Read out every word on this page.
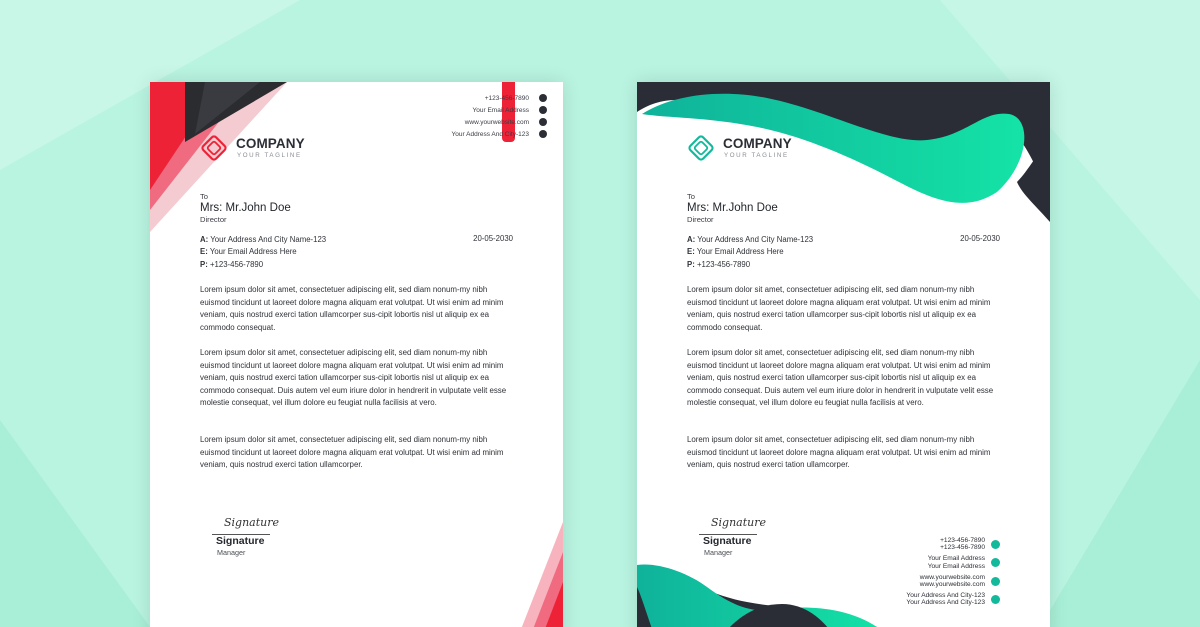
COMPANY
YOUR TAGLINE
+123-456-7890
Your Email Address
www.yourwebsite.com
Your Address And City-123
To
Mrs: Mr.John Doe
Director
A: Your Address And City Name-123
E: Your Email Address Here
P: +123-456-7890
20-05-2030
Lorem ipsum dolor sit amet, consectetuer adipiscing elit, sed diam nonum-my nibh euismod tincidunt ut laoreet dolore magna aliquam erat volutpat. Ut wisi enim ad minim veniam, quis nostrud exerci tation ullamcorper sus-cipit lobortis nisl ut aliquip ex ea commodo consequat.
Lorem ipsum dolor sit amet, consectetuer adipiscing elit, sed diam nonum-my nibh euismod tincidunt ut laoreet dolore magna aliquam erat volutpat. Ut wisi enim ad minim veniam, quis nostrud exerci tation ullamcorper sus-cipit lobortis nisl ut aliquip ex ea commodo consequat. Duis autem vel eum iriure dolor in hendrerit in vulputate velit esse molestie consequat, vel illum dolore eu feugiat nulla facilisis at vero.
Lorem ipsum dolor sit amet, consectetuer adipiscing elit, sed diam nonum-my nibh euismod tincidunt ut laoreet dolore magna aliquam erat volutpat. Ut wisi enim ad minim veniam, quis nostrud exerci tation ullamcorper.
Signature
Signature
Manager
COMPANY
YOUR TAGLINE
To
Mrs: Mr.John Doe
Director
A: Your Address And City Name-123
E: Your Email Address Here
P: +123-456-7890
20-05-2030
Lorem ipsum dolor sit amet, consectetuer adipiscing elit, sed diam nonum-my nibh euismod tincidunt ut laoreet dolore magna aliquam erat volutpat. Ut wisi enim ad minim veniam, quis nostrud exerci tation ullamcorper sus-cipit lobortis nisl ut aliquip ex ea commodo consequat.
Lorem ipsum dolor sit amet, consectetuer adipiscing elit, sed diam nonum-my nibh euismod tincidunt ut laoreet dolore magna aliquam erat volutpat. Ut wisi enim ad minim veniam, quis nostrud exerci tation ullamcorper sus-cipit lobortis nisl ut aliquip ex ea commodo consequat. Duis autem vel eum iriure dolor in hendrerit in vulputate velit esse molestie consequat, vel illum dolore eu feugiat nulla facilisis at vero.
Lorem ipsum dolor sit amet, consectetuer adipiscing elit, sed diam nonum-my nibh euismod tincidunt ut laoreet dolore magna aliquam erat volutpat. Ut wisi enim ad minim veniam, quis nostrud exerci tation ullamcorper.
Signature
Signature
Manager
+123-456-7890
+123-456-7890
Your Email Address
Your Email Address
www.yourwebsite.com
www.yourwebsite.com
Your Address And City-123
Your Address And City-123
